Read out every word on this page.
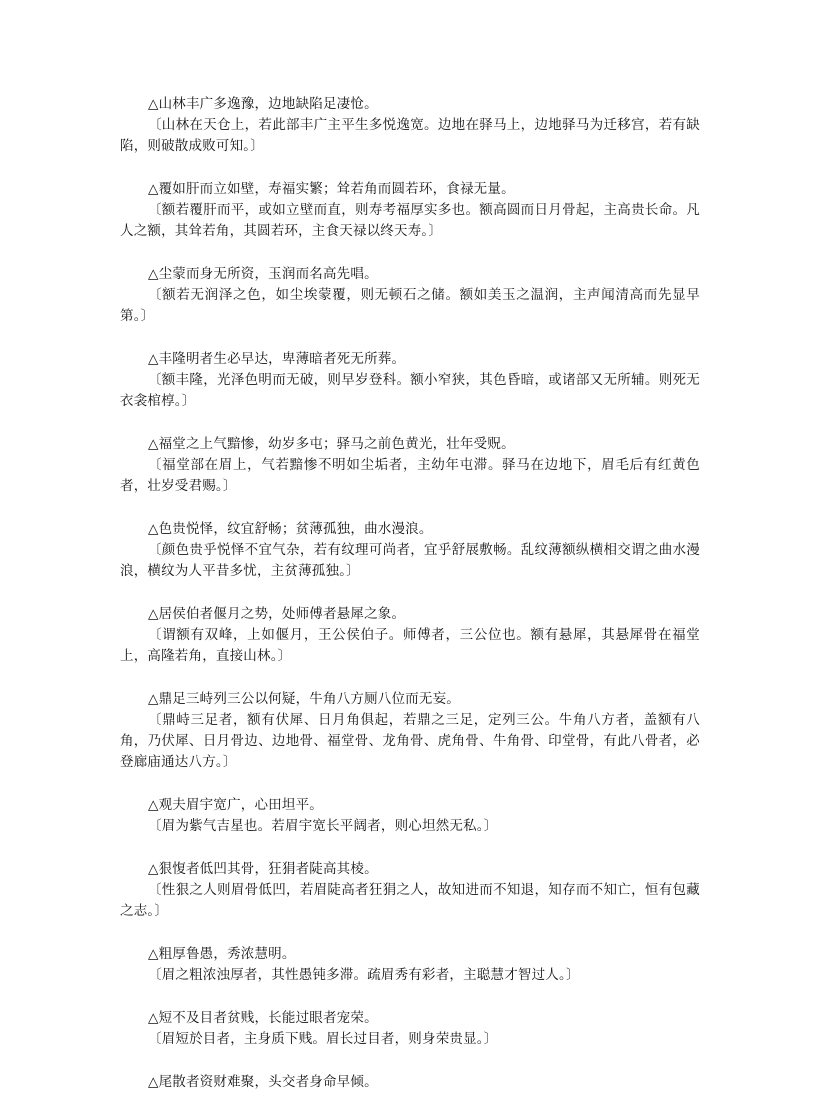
△山林丰广多逸豫，边地缺陷足凄怆。

〔山林在天仓上，若此部丰广主平生多悦逸宽。边地在驿马上，边地驿马为迁移宫，若有缺陷，则破散成败可知。〕

△覆如肝而立如壁，寿福实繁；耸若角而圆若环，食禄无量。

〔额若覆肝而平，或如立壁而直，则寿考福厚实多也。额高圆而日月骨起，主高贵长命。凡人之额，其耸若角，其圆若环，主食天禄以终天寿。〕

△尘蒙而身无所资，玉润而名高先唱。

〔额若无润泽之色，如尘埃蒙覆，则无顿石之储。额如美玉之温润，主声闻清高而先显早第。〕

△丰隆明者生必早达，卑薄暗者死无所葬。

〔额丰隆，光泽色明而无破，则早岁登科。额小窄狭，其色昏暗，或诸部又无所辅。则死无衣衾棺椁。〕

△福堂之上气黯惨，幼岁多屯；驿马之前色黄光，壮年受贶。

〔福堂部在眉上，气若黯惨不明如尘垢者，主幼年屯滞。驿马在边地下，眉毛后有红黄色者，壮岁受君赐。〕

△色贵悦怿，纹宜舒畅；贫薄孤独，曲水漫浪。

〔颜色贵乎悦怿不宜气杂，若有纹理可尚者，宜乎舒展敷畅。乱纹薄额纵横相交谓之曲水漫浪，横纹为人平昔多忧，主贫薄孤独。〕

△居侯伯者偃月之势，处师傅者悬犀之象。

〔谓额有双峰，上如偃月，王公侯伯子。师傅者，三公位也。额有悬犀，其悬犀骨在福堂上，高隆若角，直接山林。〕

△鼎足三峙列三公以何疑，牛角八方厕八位而无妄。

〔鼎峙三足者，额有伏犀、日月角俱起，若鼎之三足，定列三公。牛角八方者，盖额有八角，乃伏犀、日月骨边、边地骨、福堂骨、龙角骨、虎角骨、牛角骨、印堂骨，有此八骨者，必登廊庙通达八方。〕

△观夫眉宇宽广，心田坦平。

〔眉为紫气吉星也。若眉宇宽长平阔者，则心坦然无私。〕

△狠愎者低凹其骨，狂狷者陡高其棱。

〔性狠之人则眉骨低凹，若眉陡高者狂狷之人，故知进而不知退，知存而不知亡，恒有包藏之志。〕

△粗厚鲁愚，秀浓慧明。

〔眉之粗浓浊厚者，其性愚钝多滞。疏眉秀有彩者，主聪慧才智过人。〕

△短不及目者贫贱，长能过眼者宠荣。

〔眉短於目者，主身质下贱。眉长过目者，则身荣贵显。〕

△尾散者资财难聚，头交者身命早倾。
